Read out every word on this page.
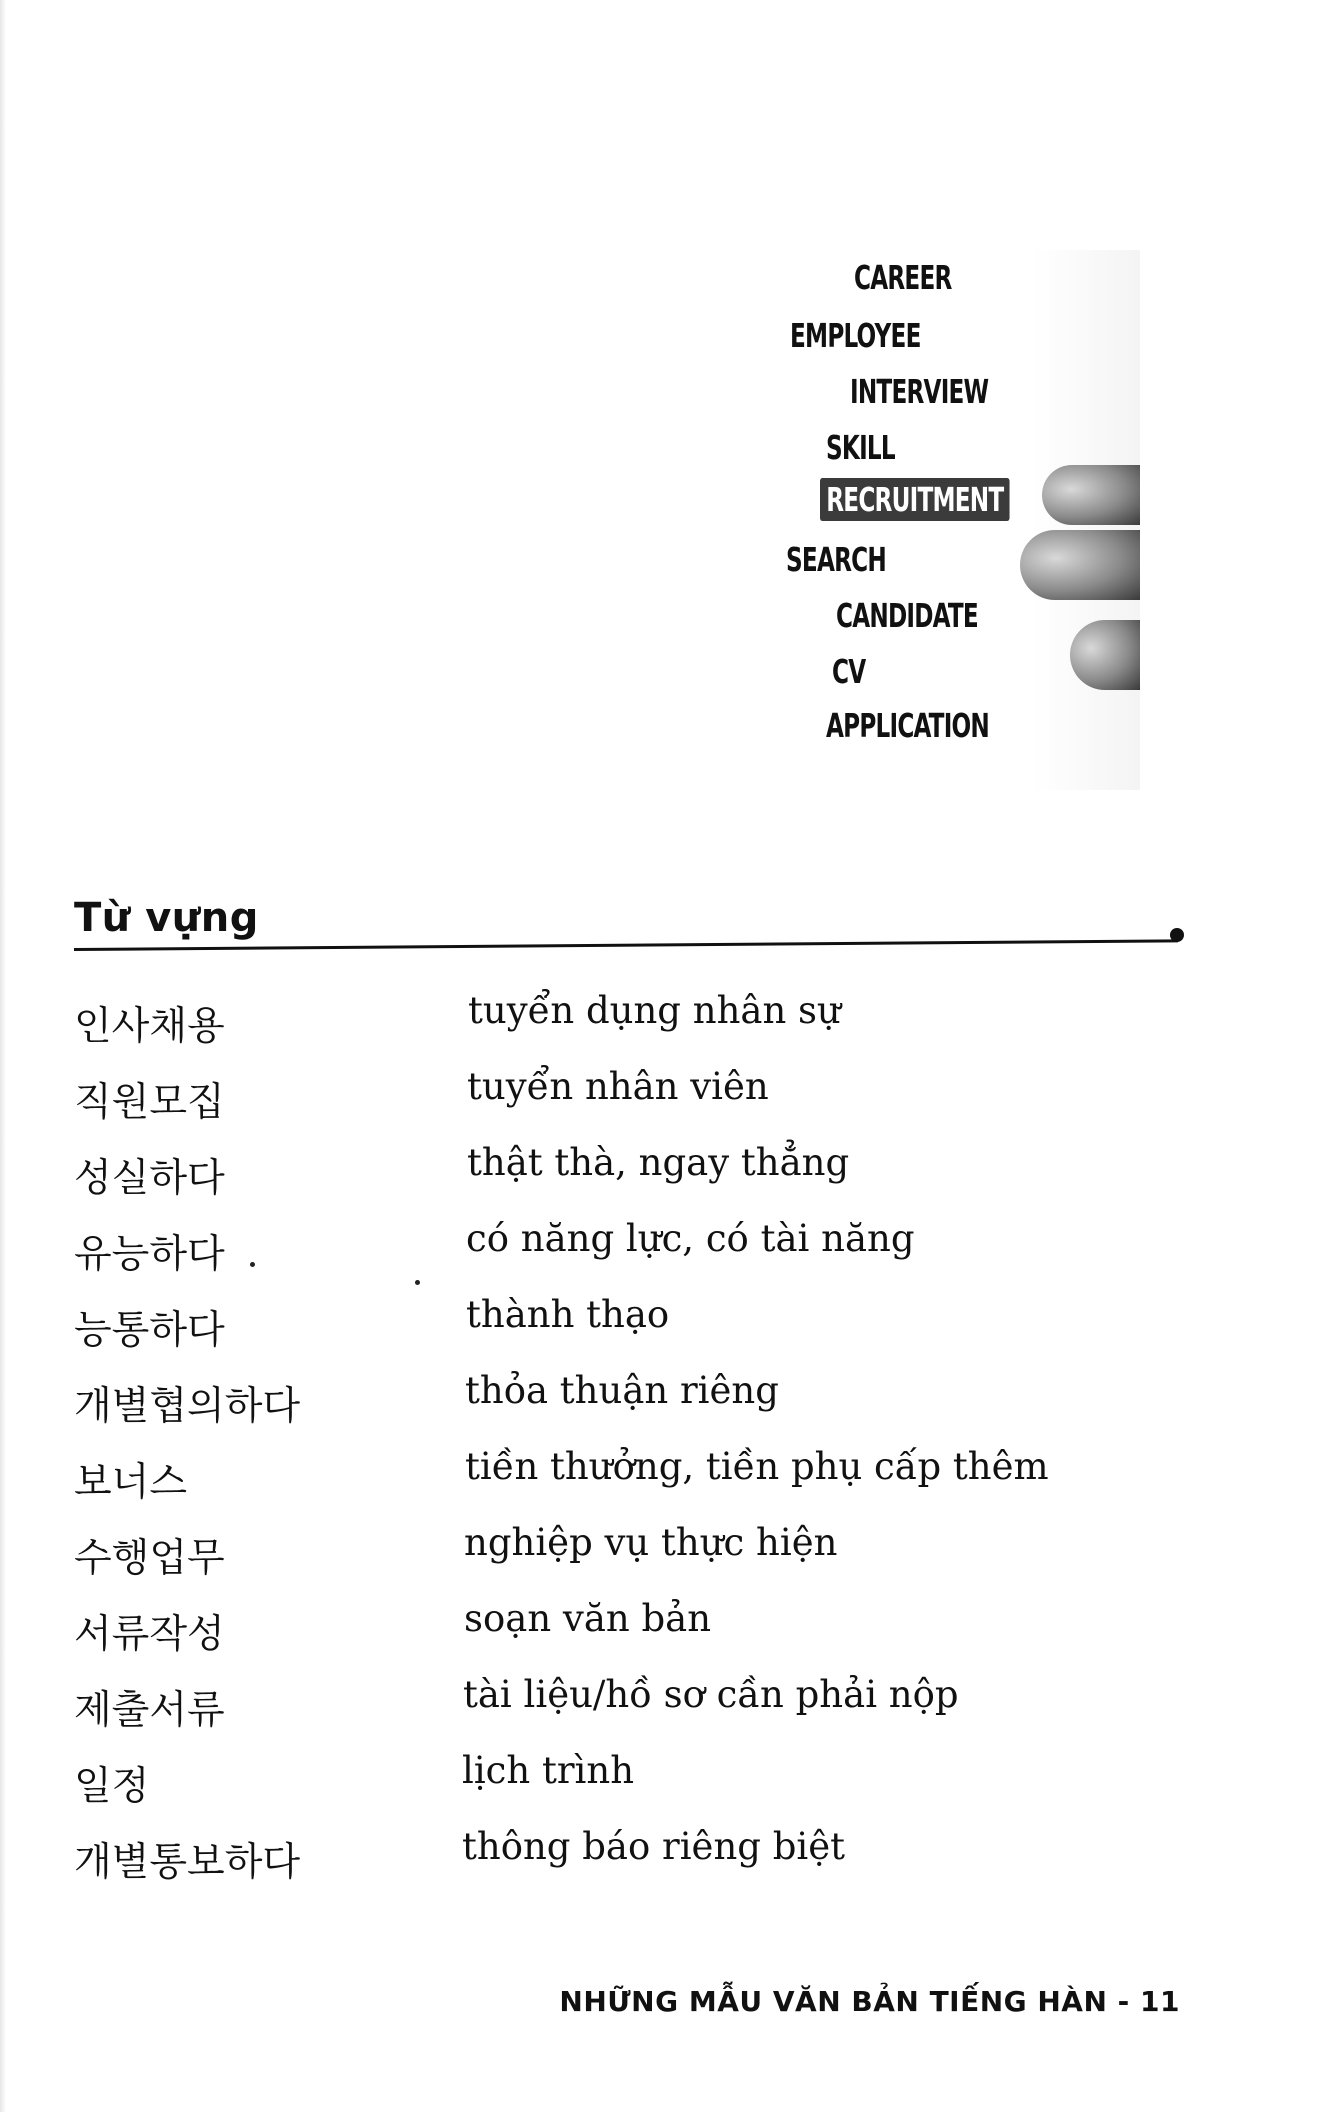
CAREER
EMPLOYEE
INTERVIEW
SKILL
RECRUITMENT
SEARCH
CANDIDATE
CV
APPLICATION
Từ vựng
인사채용	tuyển dụng nhân sự
직원모집	tuyển nhân viên
성실하다	thật thà, ngay thẳng
유능하다	có năng lực, có tài năng
능통하다	thành thạo
개별협의하다	thỏa thuận riêng
보너스	tiền thưởng, tiền phụ cấp thêm
수행업무	nghiệp vụ thực hiện
서류작성	soạn văn bản
제출서류	tài liệu/hồ sơ cần phải nộp
일정	lịch trình
개별통보하다	thông báo riêng biệt
NHỮNG MẪU VĂN BẢN TIẾNG HÀN - 11
